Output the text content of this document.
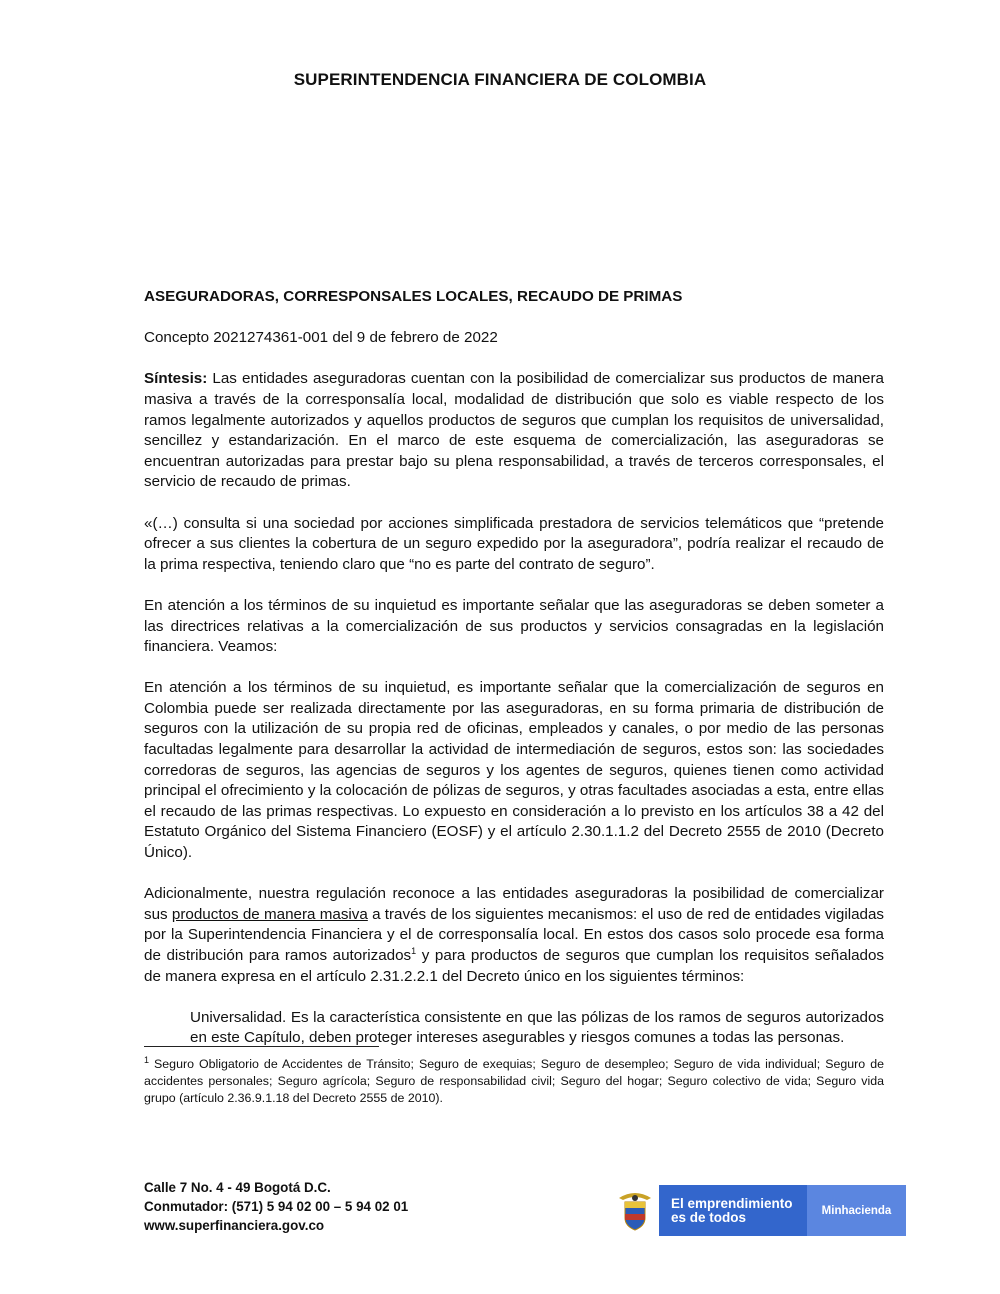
SUPERINTENDENCIA FINANCIERA DE COLOMBIA

ASEGURADORAS, CORRESPONSALES LOCALES, RECAUDO DE PRIMAS

Concepto 2021274361-001 del 9 de febrero de 2022

Síntesis: Las entidades aseguradoras cuentan con la posibilidad de comercializar sus productos de manera masiva a través de la corresponsalía local, modalidad de distribución que solo es viable respecto de los ramos legalmente autorizados y aquellos productos de seguros que cumplan los requisitos de universalidad, sencillez y estandarización. En el marco de este esquema de comercialización, las aseguradoras se encuentran autorizadas para prestar bajo su plena responsabilidad, a través de terceros corresponsales, el servicio de recaudo de primas.

«(…) consulta si una sociedad por acciones simplificada prestadora de servicios telemáticos que “pretende ofrecer a sus clientes la cobertura de un seguro expedido por la aseguradora”, podría realizar el recaudo de la prima respectiva, teniendo claro que “no es parte del contrato de seguro”.

En atención a los términos de su inquietud es importante señalar que las aseguradoras se deben someter a las directrices relativas a la comercialización de sus productos y servicios consagradas en la legislación financiera. Veamos:

En atención a los términos de su inquietud, es importante señalar que la comercialización de seguros en Colombia puede ser realizada directamente por las aseguradoras, en su forma primaria de distribución de seguros con la utilización de su propia red de oficinas, empleados y canales, o por medio de las personas facultadas legalmente para desarrollar la actividad de intermediación de seguros, estos son: las sociedades corredoras de seguros, las agencias de seguros y los agentes de seguros, quienes tienen como actividad principal el ofrecimiento y la colocación de pólizas de seguros, y otras facultades asociadas a esta, entre ellas el recaudo de las primas respectivas. Lo expuesto en consideración a lo previsto en los artículos 38 a 42 del Estatuto Orgánico del Sistema Financiero (EOSF) y el artículo 2.30.1.1.2 del Decreto 2555 de 2010 (Decreto Único).

Adicionalmente, nuestra regulación reconoce a las entidades aseguradoras la posibilidad de comercializar sus productos de manera masiva a través de los siguientes mecanismos: el uso de red de entidades vigiladas por la Superintendencia Financiera y el de corresponsalía local. En estos dos casos solo procede esa forma de distribución para ramos autorizados$^1$ y para productos de seguros que cumplan los requisitos señalados de manera expresa en el artículo 2.31.2.2.1 del Decreto único en los siguientes términos:

Universalidad. Es la característica consistente en que las pólizas de los ramos de seguros autorizados en este Capítulo, deben proteger intereses asegurables y riesgos comunes a todas las personas.

$^1$ Seguro Obligatorio de Accidentes de Tránsito; Seguro de exequias; Seguro de desempleo; Seguro de vida individual; Seguro de accidentes personales; Seguro agrícola; Seguro de responsabilidad civil; Seguro del hogar; Seguro colectivo de vida; Seguro vida grupo (artículo 2.36.9.1.18 del Decreto 2555 de 2010).
Calle 7 No. 4 - 49 Bogotá D.C.
Conmutador: (571) 5 94 02 00 – 5 94 02 01
www.superfinanciera.gov.co
El emprendimiento
es de todos	Minhacienda
